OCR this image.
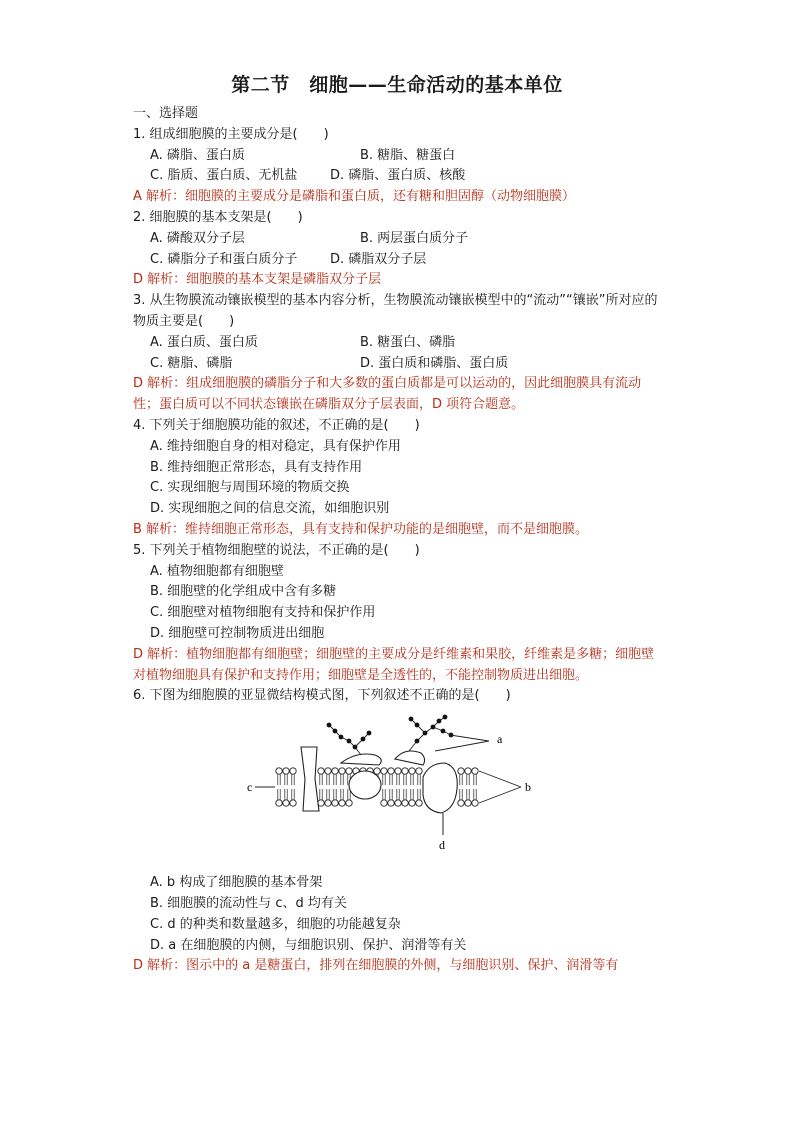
第二节　细胞——生命活动的基本单位
一、选择题
1. 组成细胞膜的主要成分是(　　)
A. 磷脂、蛋白质	B. 糖脂、糖蛋白
C. 脂质、蛋白质、无机盐	D. 磷脂、蛋白质、核酸
A 解析：细胞膜的主要成分是磷脂和蛋白质，还有糖和胆固醇（动物细胞膜）
2. 细胞膜的基本支架是(　　)
A. 磷酸双分子层	B. 两层蛋白质分子
C. 磷脂分子和蛋白质分子	D. 磷脂双分子层
D 解析：细胞膜的基本支架是磷脂双分子层
3. 从生物膜流动镶嵌模型的基本内容分析，生物膜流动镶嵌模型中的“流动”“镶嵌”所对应的物质主要是(　　)
A. 蛋白质、蛋白质	B. 糖蛋白、磷脂
C. 糖脂、磷脂	D. 蛋白质和磷脂、蛋白质
D 解析：组成细胞膜的磷脂分子和大多数的蛋白质都是可以运动的，因此细胞膜具有流动性；蛋白质可以不同状态镶嵌在磷脂双分子层表面，D 项符合题意。
4. 下列关于细胞膜功能的叙述，不正确的是(　　)
A. 维持细胞自身的相对稳定，具有保护作用
B. 维持细胞正常形态，具有支持作用
C. 实现细胞与周围环境的物质交换
D. 实现细胞之间的信息交流，如细胞识别
B 解析：维持细胞正常形态，具有支持和保护功能的是细胞壁，而不是细胞膜。
5. 下列关于植物细胞壁的说法，不正确的是(　　)
A. 植物细胞都有细胞壁
B. 细胞壁的化学组成中含有多糖
C. 细胞壁对植物细胞有支持和保护作用
D. 细胞壁可控制物质进出细胞
D 解析：植物细胞都有细胞壁；细胞壁的主要成分是纤维素和果胶，纤维素是多糖；细胞壁对植物细胞具有保护和支持作用；细胞壁是全透性的，不能控制物质进出细胞。
6. 下图为细胞膜的亚显微结构模式图，下列叙述不正确的是(　　)
a
b
c
d
A. b 构成了细胞膜的基本骨架
B. 细胞膜的流动性与 c、d 均有关
C. d 的种类和数量越多，细胞的功能越复杂
D. a 在细胞膜的内侧，与细胞识别、保护、润滑等有关
D 解析：图示中的 a 是糖蛋白，排列在细胞膜的外侧，与细胞识别、保护、润滑等有
